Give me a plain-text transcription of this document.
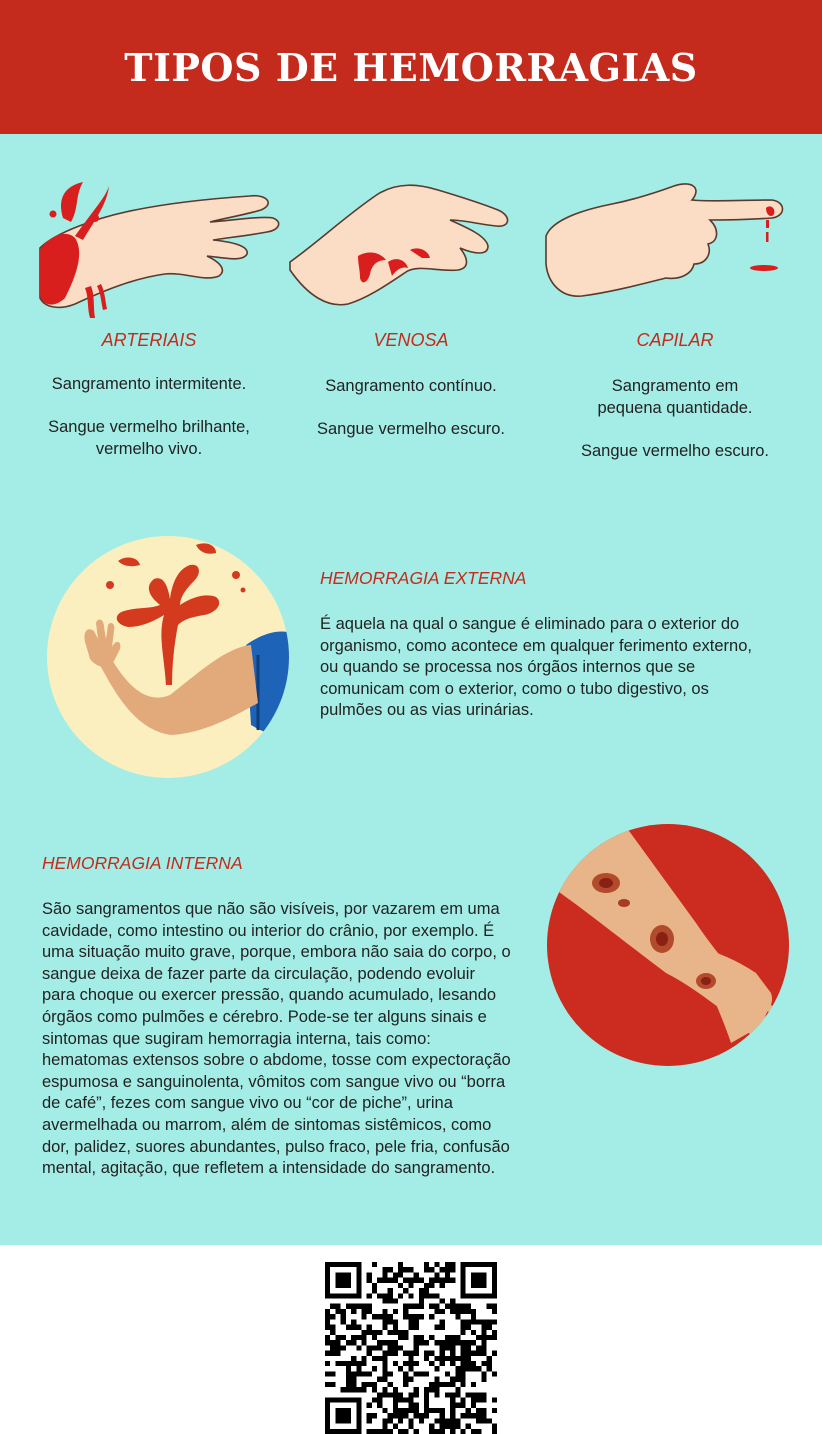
TIPOS DE HEMORRAGIAS
ARTERIAIS

Sangramento intermitente.

Sangue vermelho brilhante, vermelho vivo.

VENOSA

Sangramento contínuo.

Sangue vermelho escuro.

CAPILAR

Sangramento em pequena quantidade.

Sangue vermelho escuro.

HEMORRAGIA EXTERNA

É aquela na qual o sangue é eliminado para o exterior do organismo, como acontece em qualquer ferimento externo, ou quando se processa nos órgãos internos que se comunicam com o exterior, como o tubo digestivo, os pulmões ou as vias urinárias.

HEMORRAGIA INTERNA

São sangramentos que não são visíveis, por vazarem em uma cavidade, como intestino ou interior do crânio, por exemplo. É uma situação muito grave, porque, embora não saia do corpo, o sangue deixa de fazer parte da circulação, podendo evoluir para choque ou exercer pressão, quando acumulado, lesando órgãos como pulmões e cérebro. Pode-se ter alguns sinais e sintomas que sugiram hemorragia interna, tais como: hematomas extensos sobre o abdome, tosse com expectoração espumosa e sanguinolenta, vômitos com sangue vivo ou “borra de café”, fezes com sangue vivo ou “cor de piche”, urina avermelhada ou marrom, além de sintomas sistêmicos, como dor, palidez, suores abundantes, pulso fraco, pele fria, confusão mental, agitação, que refletem a intensidade do sangramento.
